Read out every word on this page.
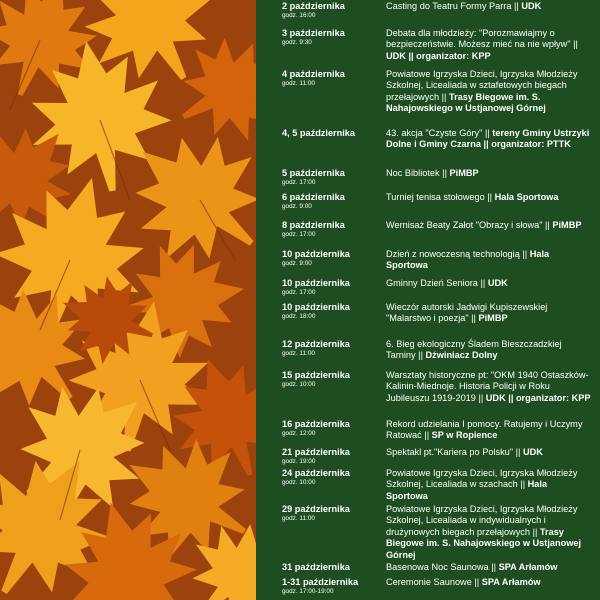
2 października
godz. 16:00
Casting do Teatru Formy Parra || UDK
3 października
godz. 9:30
Debata dla młodzieży: "Porozmawiajmy o bezpieczeństwie. Możesz mieć na nie wpływ" || UDK || organizator: KPP
4 października
godz. 11:00
Powiatowe Igrzyska Dzieci, Igrzyska Młodzieży Szkolnej, Licealiada w sztafetowych biegach przełajowych || Trasy Biegowe im. S. Nahajowskiego w Ustjanowej Górnej
4, 5 października	43. akcja "Czyste Góry" || tereny Gminy Ustrzyki Dolne i Gminy Czarna || organizator: PTTK
5 października
godz. 17:00
Noc Bibliotek || PiMBP
6 października
godz. 9:00
Turniej tenisa stołowego || Hala Sportowa
8 października
godz. 17:00
Wernisaż Beaty Załot "Obrazy i słowa" || PiMBP
10 października
godz. 9:00
Dzień z nowoczesną technologią || Hala Sportowa
10 października
godz. 17:00
Gminny Dzień Seniora || UDK
10 października
godz. 18:00
Wieczór autorski Jadwigi Kupiszewskiej "Malarstwo i poezja" || PiMBP
12 października
godz. 11:00
6. Bieg ekologiczny Śladem Bieszczadzkiej Tarniny || Dźwiniacz Dolny
15 października
godz. 10:00
Warsztaty historyczne pt: "OKM 1940 Ostaszków-Kalinin-Miednoje. Historia Policji w Roku Jubileuszu 1919-2019 || UDK || organizator: KPP
16 października
godz. 12:00
Rekord udzielania I pomocy. Ratujemy i Uczymy Ratować || SP w Ropience
21 października
godz. 19:00
Spektakl pt."Kariera po Polsku" || UDK
24 października
godz. 10:00
Powiatowe Igrzyska Dzieci, Igrzyska Młodzieży Szkolnej, Licealiada w szachach || Hala Sportowa
29 października
godz. 11:00
Powiatowe Igrzyska Dzieci, Igrzyska Młodzieży Szkolnej, Licealiada w indywidualnych i drużynowych biegach przełajowych || Trasy Biegowe im. S. Nahajowskiego w Ustjanowej Górnej
31 października	Basenowa Noc Saunowa || SPA Arłamów
1-31 października
godz. 17:00-19:00
Ceremonie Saunowe || SPA Arłamów
